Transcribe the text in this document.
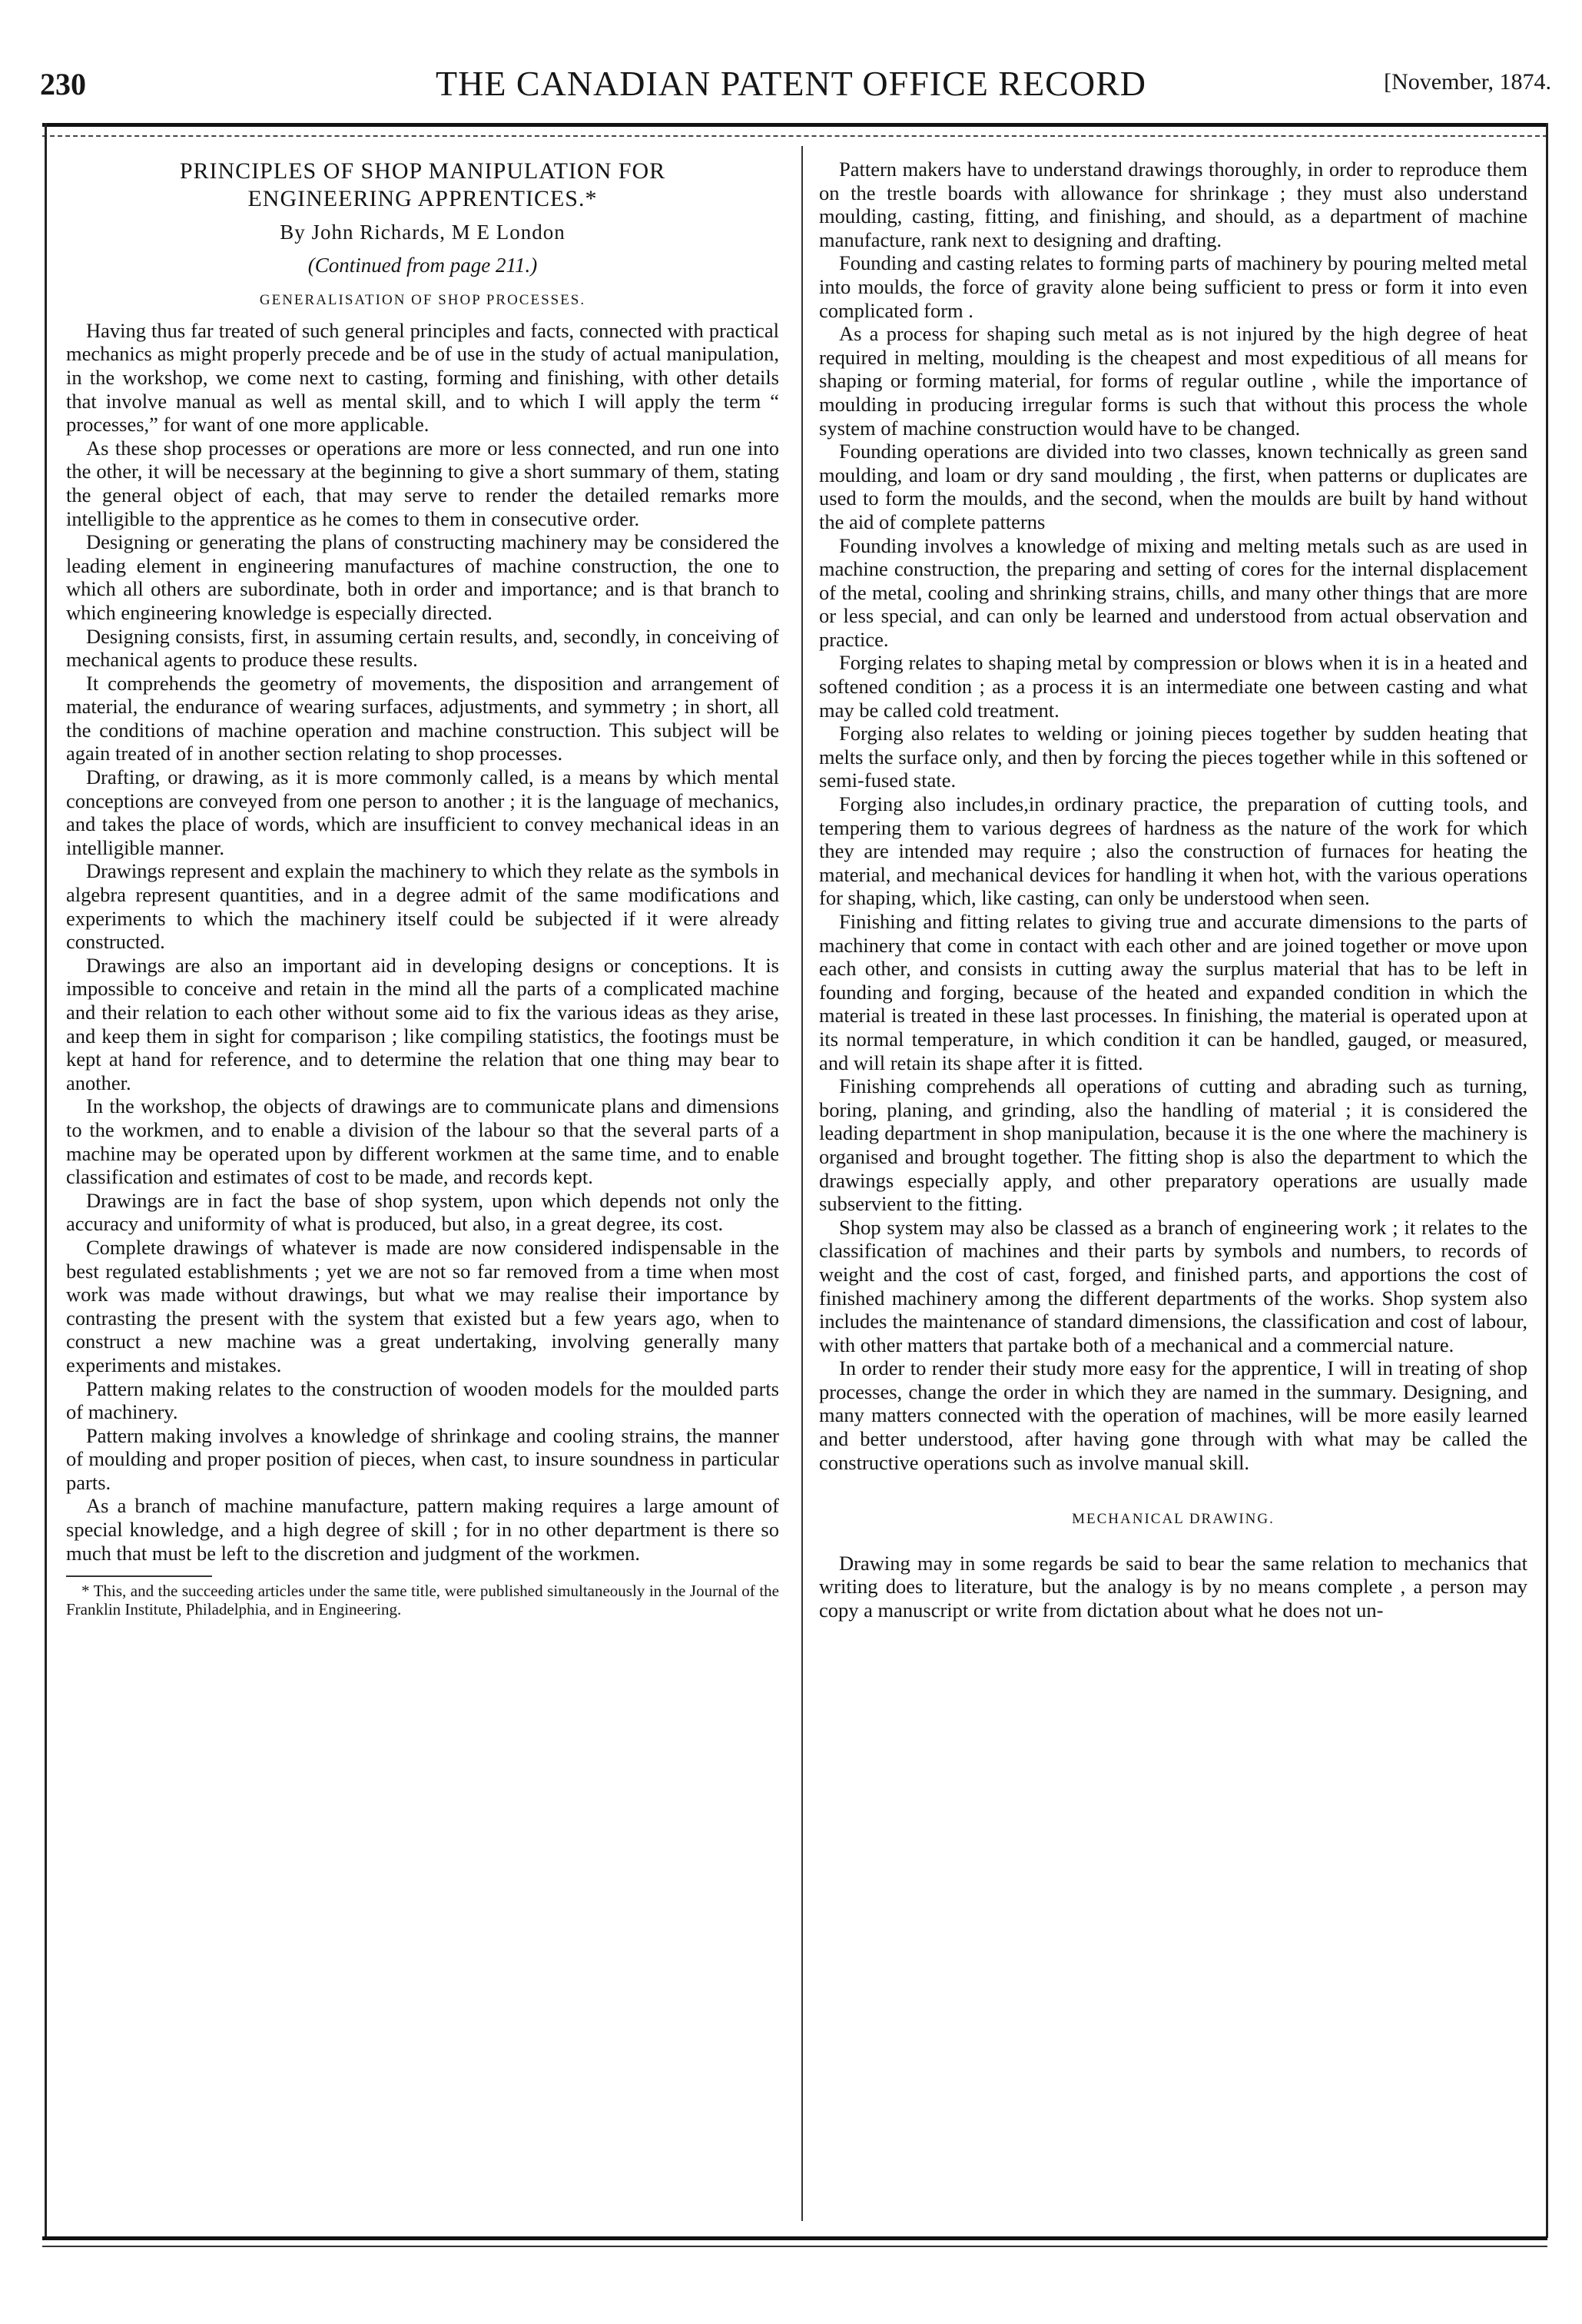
230	THE CANADIAN PATENT OFFICE RECORD	[November, 1874.
PRINCIPLES OF SHOP MANIPULATION FOR
ENGINEERING APPRENTICES.*
By John Richards, M E London
(Continued from page 211.)
GENERALISATION OF SHOP PROCESSES.

Having thus far treated of such general principles and facts, connected with practical mechanics as might properly precede and be of use in the study of actual manipulation, in the workshop, we come next to casting, forming and finishing, with other details that involve manual as well as mental skill, and to which I will apply the term “ processes,” for want of one more applicable.

As these shop processes or operations are more or less connected, and run one into the other, it will be necessary at the beginning to give a short summary of them, stating the general object of each, that may serve to render the detailed remarks more intelligible to the apprentice as he comes to them in consecutive order.

Designing or generating the plans of constructing machinery may be considered the leading element in engineering manufactures of machine construction, the one to which all others are subordinate, both in order and importance; and is that branch to which engineering knowledge is especially directed.

Designing consists, first, in assuming certain results, and, secondly, in conceiving of mechanical agents to produce these results.

It comprehends the geometry of movements, the disposition and arrangement of material, the endurance of wearing surfaces, adjustments, and symmetry ; in short, all the conditions of machine operation and machine construction. This subject will be again treated of in another section relating to shop processes.

Drafting, or drawing, as it is more commonly called, is a means by which mental conceptions are conveyed from one person to another ; it is the language of mechanics, and takes the place of words, which are insufficient to convey mechanical ideas in an intelligible manner.

Drawings represent and explain the machinery to which they relate as the symbols in algebra represent quantities, and in a degree admit of the same modifications and experiments to which the machinery itself could be subjected if it were already constructed.

Drawings are also an important aid in developing designs or conceptions. It is impossible to conceive and retain in the mind all the parts of a complicated machine and their relation to each other without some aid to fix the various ideas as they arise, and keep them in sight for comparison ; like compiling statistics, the footings must be kept at hand for reference, and to determine the relation that one thing may bear to another.

In the workshop, the objects of drawings are to communicate plans and dimensions to the workmen, and to enable a division of the labour so that the several parts of a machine may be operated upon by different workmen at the same time, and to enable classification and estimates of cost to be made, and records kept.

Drawings are in fact the base of shop system, upon which depends not only the accuracy and uniformity of what is produced, but also, in a great degree, its cost.

Complete drawings of whatever is made are now considered indispensable in the best regulated establishments ; yet we are not so far removed from a time when most work was made without drawings, but what we may realise their importance by contrasting the present with the system that existed but a few years ago, when to construct a new machine was a great undertaking, involving generally many experiments and mistakes.

Pattern making relates to the construction of wooden models for the moulded parts of machinery.

Pattern making involves a knowledge of shrinkage and cooling strains, the manner of moulding and proper position of pieces, when cast, to insure soundness in particular parts.

As a branch of machine manufacture, pattern making requires a large amount of special knowledge, and a high degree of skill ; for in no other department is there so much that must be left to the discretion and judgment of the workmen.

* This, and the succeeding articles under the same title, were published simultaneously in the Journal of the Franklin Institute, Philadelphia, and in Engineering.

Pattern makers have to understand drawings thoroughly, in order to reproduce them on the trestle boards with allowance for shrinkage ; they must also understand moulding, casting, fitting, and finishing, and should, as a department of machine manufacture, rank next to designing and drafting.

Founding and casting relates to forming parts of machinery by pouring melted metal into moulds, the force of gravity alone being sufficient to press or form it into even complicated form .

As a process for shaping such metal as is not injured by the high degree of heat required in melting, moulding is the cheapest and most expeditious of all means for shaping or forming material, for forms of regular outline , while the importance of moulding in producing irregular forms is such that without this process the whole system of machine construction would have to be changed.

Founding operations are divided into two classes, known technically as green sand moulding, and loam or dry sand moulding , the first, when patterns or duplicates are used to form the moulds, and the second, when the moulds are built by hand without the aid of complete patterns

Founding involves a knowledge of mixing and melting metals such as are used in machine construction, the preparing and setting of cores for the internal displacement of the metal, cooling and shrinking strains, chills, and many other things that are more or less special, and can only be learned and understood from actual observation and practice.

Forging relates to shaping metal by compression or blows when it is in a heated and softened condition ; as a process it is an intermediate one between casting and what may be called cold treatment.

Forging also relates to welding or joining pieces together by sudden heating that melts the surface only, and then by forcing the pieces together while in this softened or semi-fused state.

Forging also includes,in ordinary practice, the preparation of cutting tools, and tempering them to various degrees of hardness as the nature of the work for which they are intended may require ; also the construction of furnaces for heating the material, and mechanical devices for handling it when hot, with the various operations for shaping, which, like casting, can only be understood when seen.

Finishing and fitting relates to giving true and accurate dimensions to the parts of machinery that come in contact with each other and are joined together or move upon each other, and consists in cutting away the surplus material that has to be left in founding and forging, because of the heated and expanded condition in which the material is treated in these last processes. In finishing, the material is operated upon at its normal temperature, in which condition it can be handled, gauged, or measured, and will retain its shape after it is fitted.

Finishing comprehends all operations of cutting and abrading such as turning, boring, planing, and grinding, also the handling of material ; it is considered the leading department in shop manipulation, because it is the one where the machinery is organised and brought together. The fitting shop is also the department to which the drawings especially apply, and other preparatory operations are usually made subservient to the fitting.

Shop system may also be classed as a branch of engineering work ; it relates to the classification of machines and their parts by symbols and numbers, to records of weight and the cost of cast, forged, and finished parts, and apportions the cost of finished machinery among the different departments of the works. Shop system also includes the maintenance of standard dimensions, the classification and cost of labour, with other matters that partake both of a mechanical and a commercial nature.

In order to render their study more easy for the apprentice, I will in treating of shop processes, change the order in which they are named in the summary. Designing, and many matters connected with the operation of machines, will be more easily learned and better understood, after having gone through with what may be called the constructive operations such as involve manual skill.

MECHANICAL DRAWING.

Drawing may in some regards be said to bear the same relation to mechanics that writing does to literature, but the analogy is by no means complete , a person may copy a manuscript or write from dictation about what he does not un-
